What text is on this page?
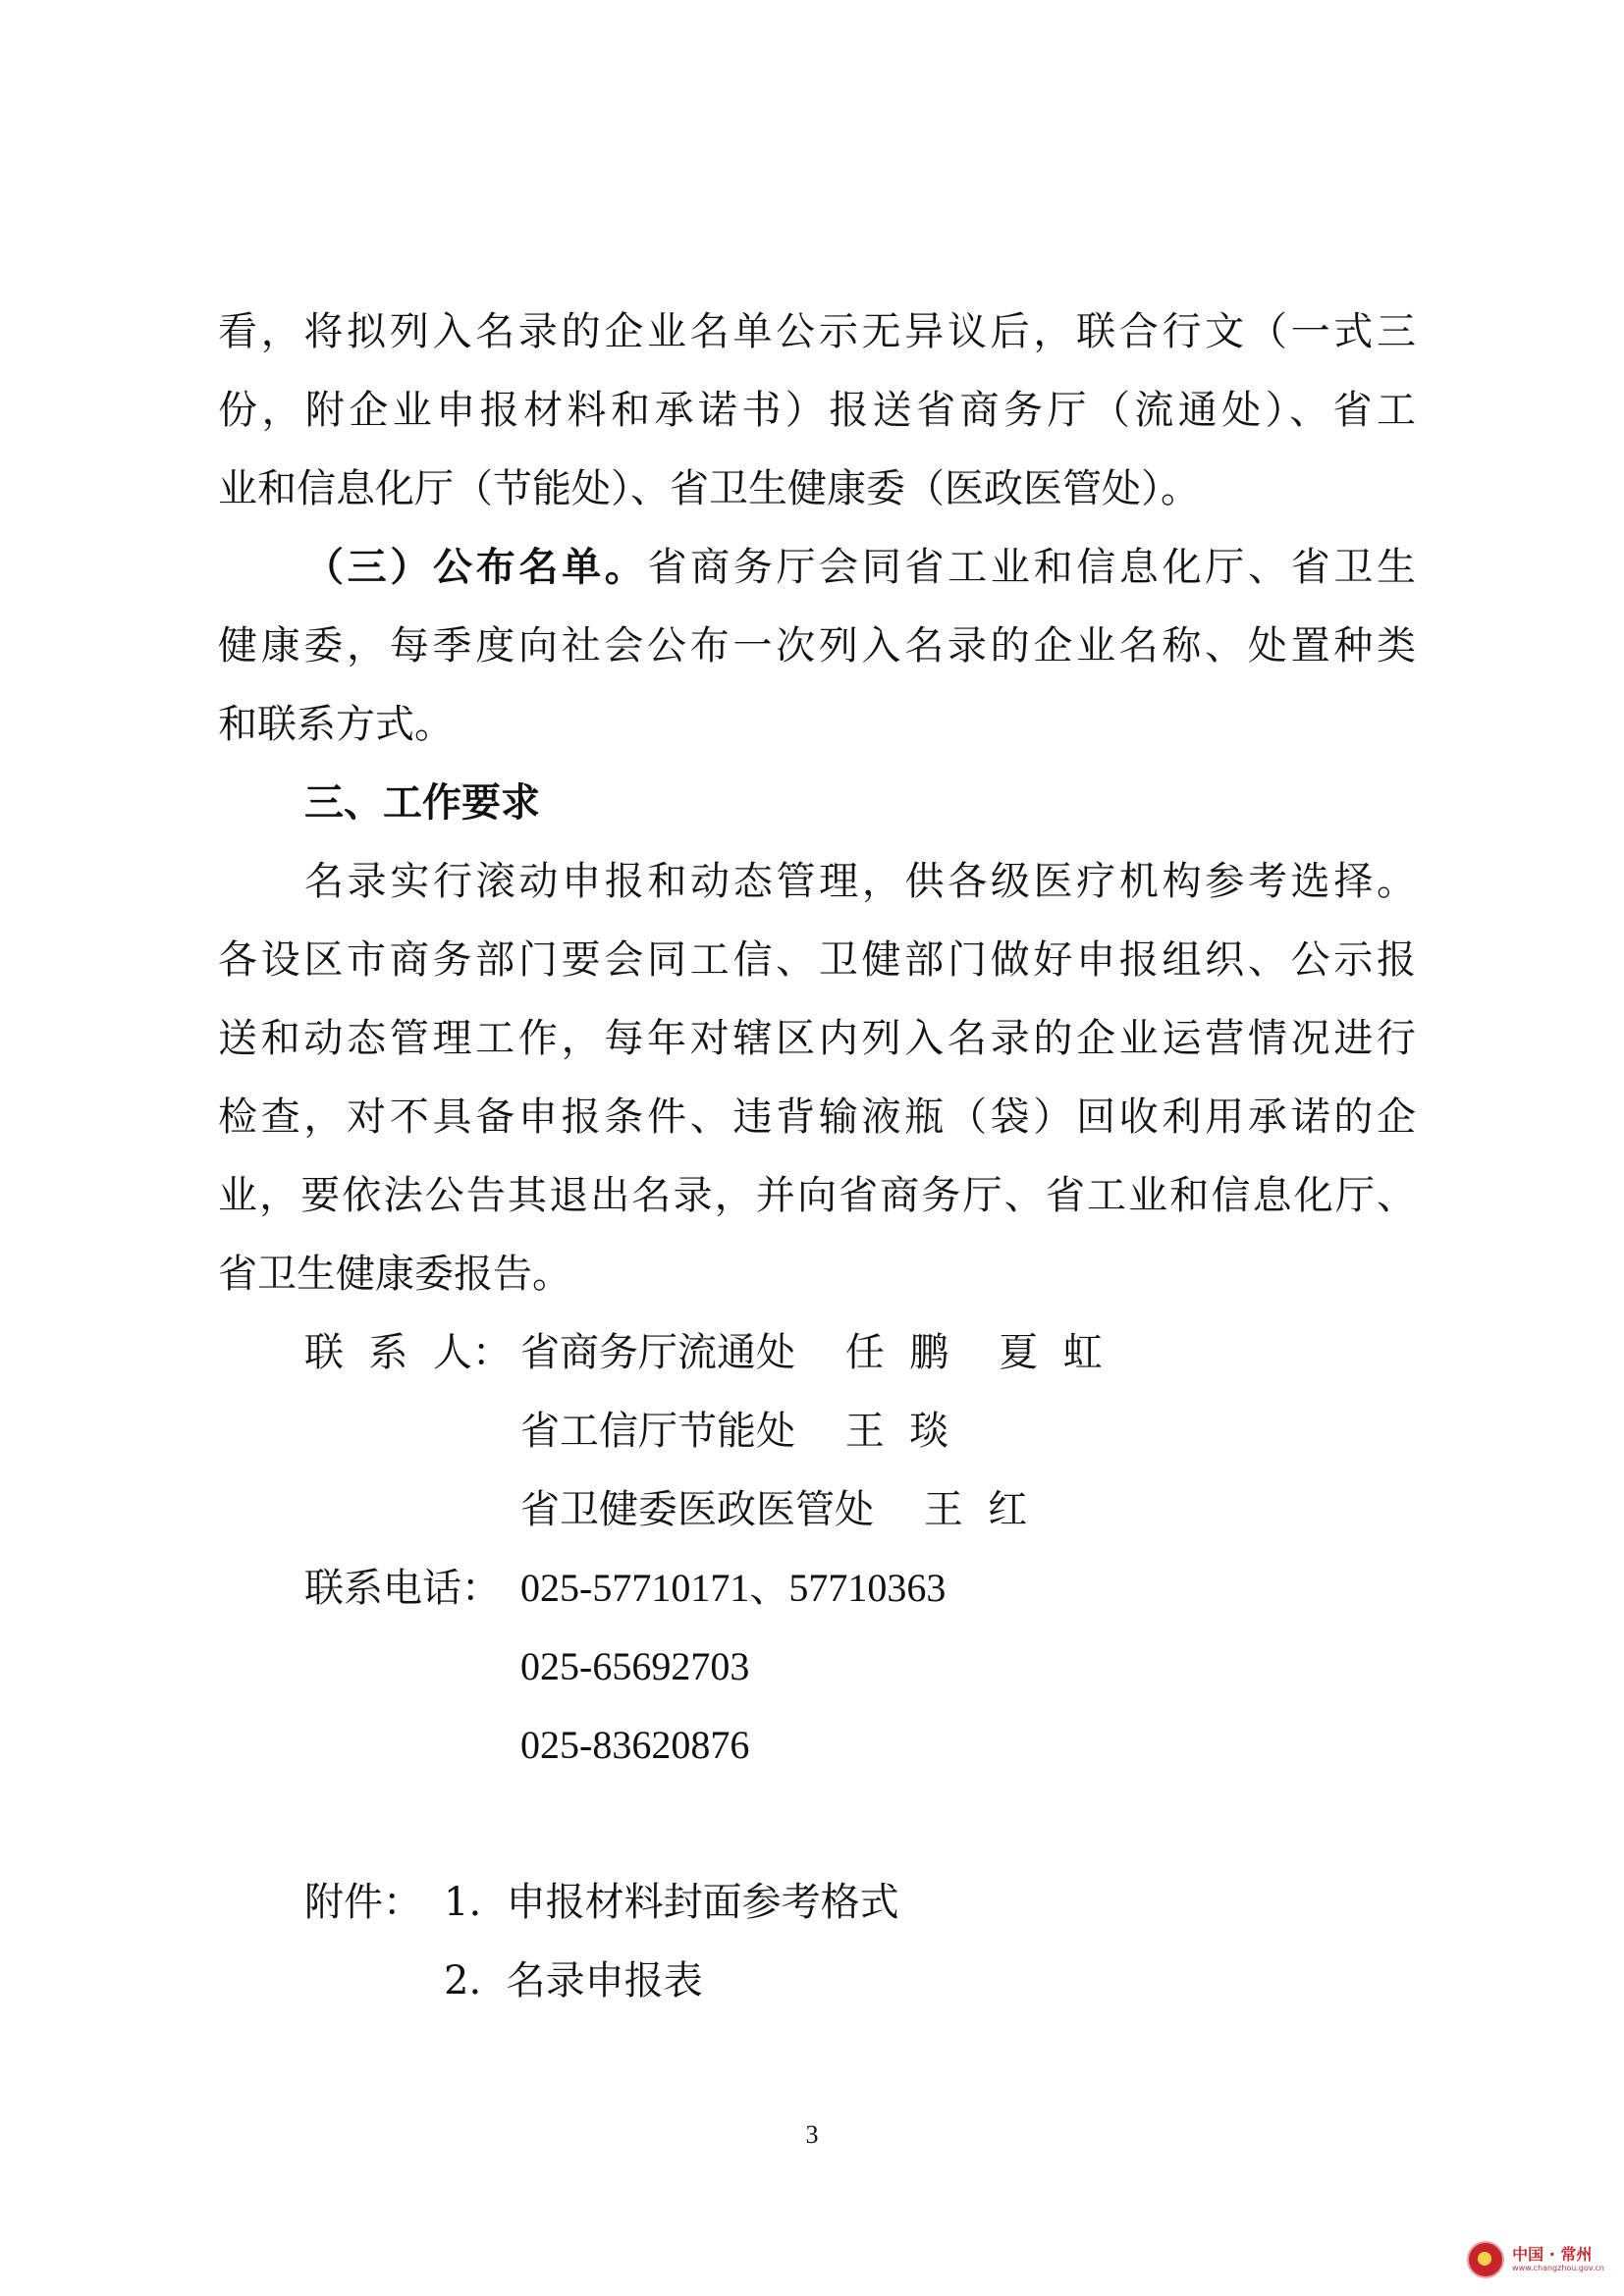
看，将拟列入名录的企业名单公示无异议后，联合行文（一式三
份，附企业申报材料和承诺书）报送省商务厅（流通处）、省工
业和信息化厅（节能处）、省卫生健康委（医政医管处）。
（三）公布名单。省商务厅会同省工业和信息化厅、省卫生
健康委，每季度向社会公布一次列入名录的企业名称、处置种类
和联系方式。
三、工作要求
名录实行滚动申报和动态管理，供各级医疗机构参考选择。
各设区市商务部门要会同工信、卫健部门做好申报组织、公示报
送和动态管理工作，每年对辖区内列入名录的企业运营情况进行
检查，对不具备申报条件、违背输液瓶（袋）回收利用承诺的企
业，要依法公告其退出名录，并向省商务厅、省工业和信息化厅、
省卫生健康委报告。
联  系  人： 省商务厅流通处    任  鹏    夏  虹
省工信厅节能处    王  琰
省卫健委医政医管处    王  红
联系电话： 025-57710171、57710363
025-65692703
025-83620876
附件： 1.  申报材料封面参考格式
2.  名录申报表
3
中国 · 常州
www.changzhou.gov.cn
